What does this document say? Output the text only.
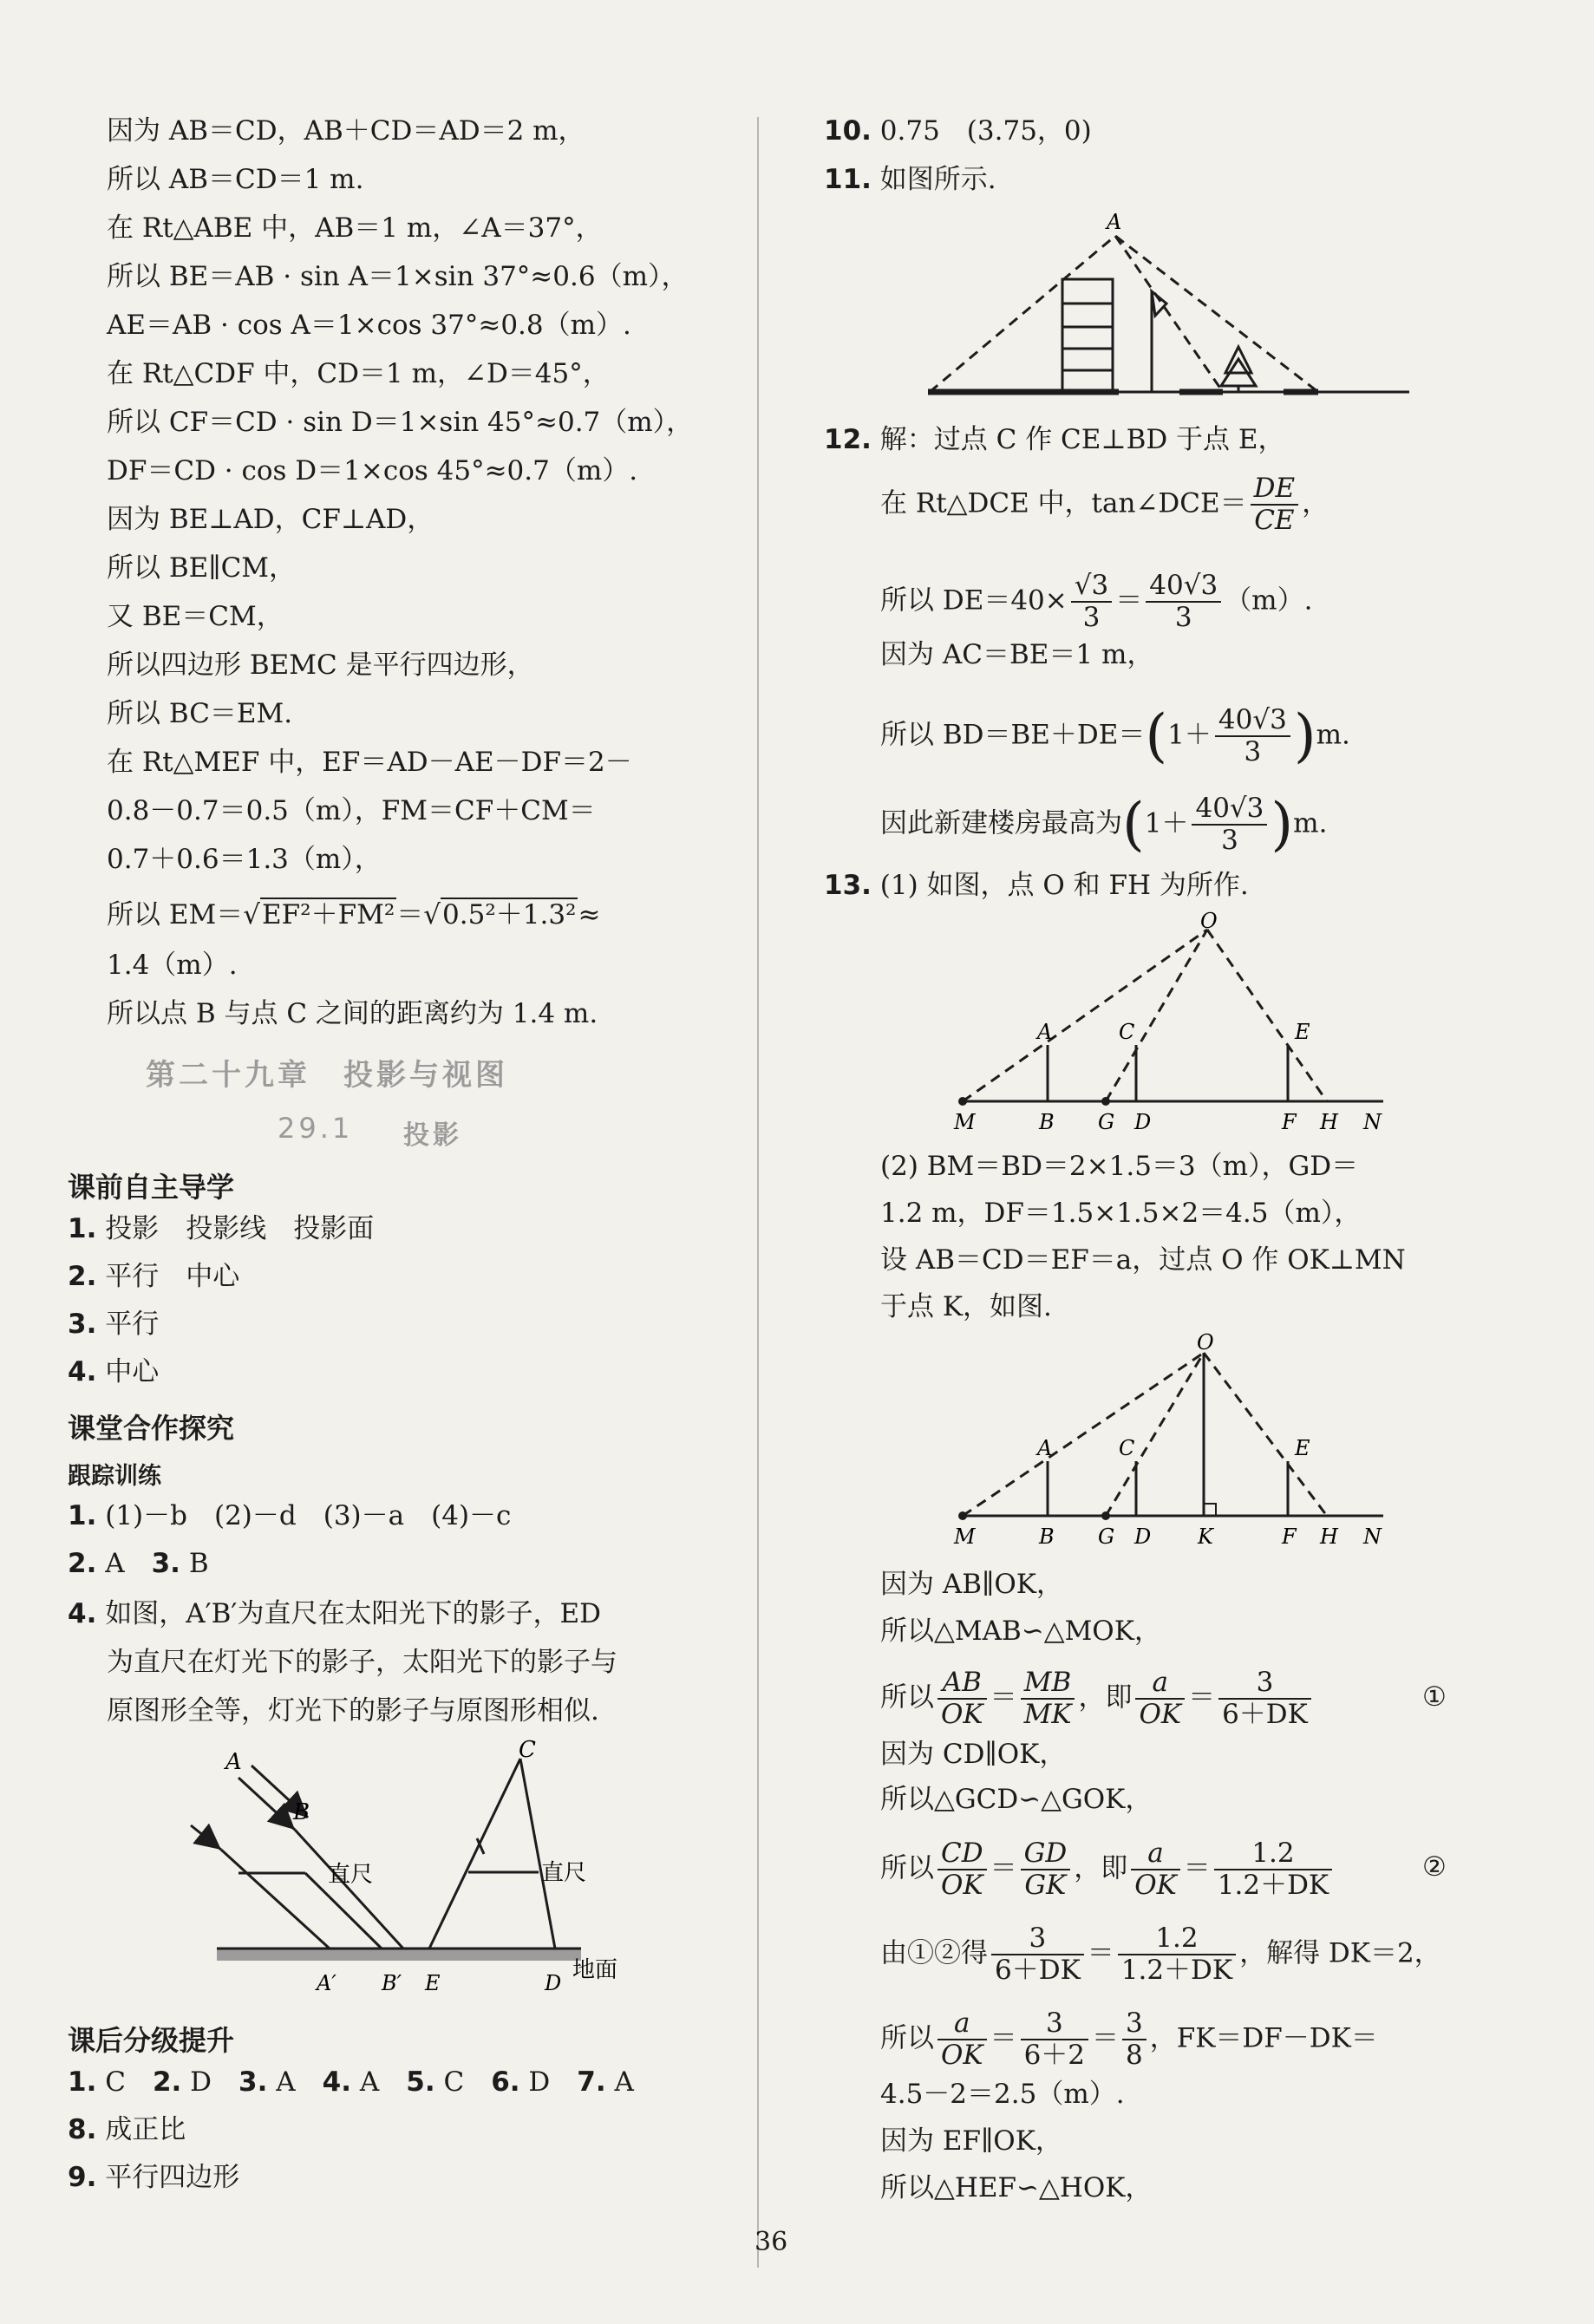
因为 AB＝CD，AB＋CD＝AD＝2 m，
所以 AB＝CD＝1 m.
在 Rt△ABE 中，AB＝1 m，∠A＝37°，
所以 BE＝AB · sin A＝1×sin 37°≈0.6（m），
AE＝AB · cos A＝1×cos 37°≈0.8（m）.
在 Rt△CDF 中，CD＝1 m，∠D＝45°，
所以 CF＝CD · sin D＝1×sin 45°≈0.7（m），
DF＝CD · cos D＝1×cos 45°≈0.7（m）.
因为 BE⊥AD，CF⊥AD，
所以 BE∥CM，
又 BE＝CM，
所以四边形 BEMC 是平行四边形，
所以 BC＝EM.
在 Rt△MEF 中，EF＝AD－AE－DF＝2－
0.8－0.7＝0.5（m），FM＝CF＋CM＝
0.7＋0.6＝1.3（m），
所以 EM＝√EF²＋FM²＝√0.5²＋1.3²≈
1.4（m）.
所以点 B 与点 C 之间的距离约为 1.4 m.
第二十九章　投影与视图
29.1 投影
课前自主导学
1. 投影　投影线　投影面
2. 平行　中心
3. 平行
4. 中心
课堂合作探究
跟踪训练
1. (1)－b　(2)－d　(3)－a　(4)－c
2. A　 3. B
4. 如图，A′B′为直尺在太阳光下的影子，ED
为直尺在灯光下的影子，太阳光下的影子与
原图形全等，灯光下的影子与原图形相似.
A
B
C
直尺	直尺
A′ B′ E	D 地面
课后分级提升
1. C　 2. D　 3. A　 4. A　 5. C　 6. D　 7. A
8. 成正比
9. 平行四边形
10. 0.75　(3.75，0)
11. 如图所示.
A
12. 解：过点 C 作 CE⊥BD 于点 E，
在 Rt△DCE 中，tan∠DCE＝ $\frac{DE}{CE}$ ，
所以 $DE=40\times \frac{√3}{3} = \frac{40√3}{3} (m)$.
因为 AC＝BE＝1 m，
所以 $BD=BE+DE=(1+ \frac{40√3}{3} )m$.
因此新建楼房最高为$(1+ \frac{40√3}{3} )m$.
13. (1) 如图，点 O 和 FH 为所作.
O
A	C	E
M	B G D	F H N
(2) BM＝BD＝2×1.5＝3（m），GD＝
1.2 m，DF＝1.5×1.5×2＝4.5（m），
设 AB＝CD＝EF＝a，过点 O 作 OK⊥MN
于点 K，如图.
O
A	C	E
M	B G D K	F H N
因为 AB∥OK，
所以△MAB∽△MOK，
所以 $\frac{AB}{OK} = \frac{MB}{MK}$ ，即 $\frac{a}{OK} = \frac{3}{6+DK}$	①
因为 CD∥OK，
所以△GCD∽△GOK，
所以 $\frac{CD}{OK} = \frac{GD}{GK}$ ，即 $\frac{a}{OK} = \frac{1.2}{1.2+DK}$	②
由①②得 $\frac{3}{6+DK} = \frac{1.2}{1.2+DK}$ ，解得 DK＝2，
所以 $\frac{a}{OK} = \frac{3}{6+2} = \frac{3}{8}$ ，FK＝DF－DK＝
4.5－2＝2.5（m）.
因为 EF∥OK，
所以△HEF∽△HOK，
36
